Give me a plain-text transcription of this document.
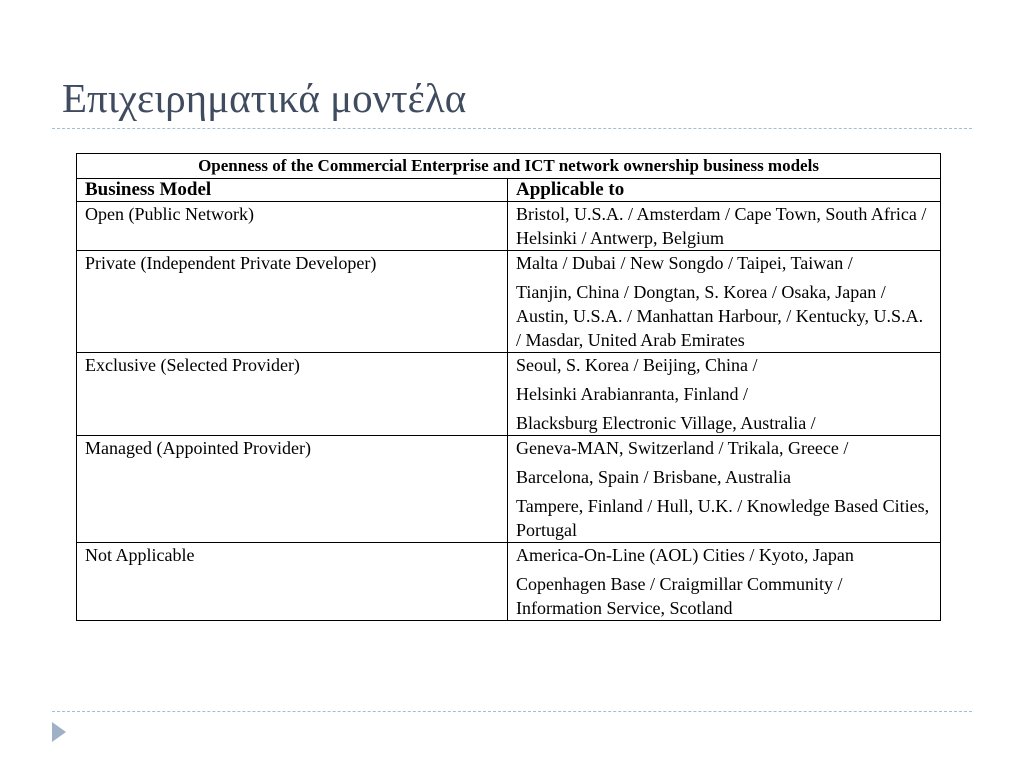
Επιχειρηματικά μοντέλα
Openness of the Commercial Enterprise and ICT network ownership business models	
Business Model	Applicable to
Open (Public Network)	Bristol, U.S.A. / Amsterdam / Cape Town, South Africa / Helsinki / Antwerp, Belgium

Private (Independent Private Developer)	Malta / Dubai / New Songdo / Taipei, Taiwan /
Tianjin, China / Dongtan, S. Korea / Osaka, Japan / Austin, U.S.A. / Manhattan Harbour, / Kentucky, U.S.A. / Masdar, United Arab Emirates

Exclusive (Selected Provider)	Seoul, S. Korea / Beijing, China /
Helsinki Arabianranta, Finland /
Blacksburg Electronic Village, Australia /

Managed (Appointed Provider)	Geneva-MAN, Switzerland / Trikala, Greece /
Barcelona, Spain / Brisbane, Australia
Tampere, Finland / Hull, U.K. / Knowledge Based Cities, Portugal

Not Applicable	America-On-Line (AOL) Cities / Kyoto, Japan
Copenhagen Base / Craigmillar Community / Information Service, Scotland
